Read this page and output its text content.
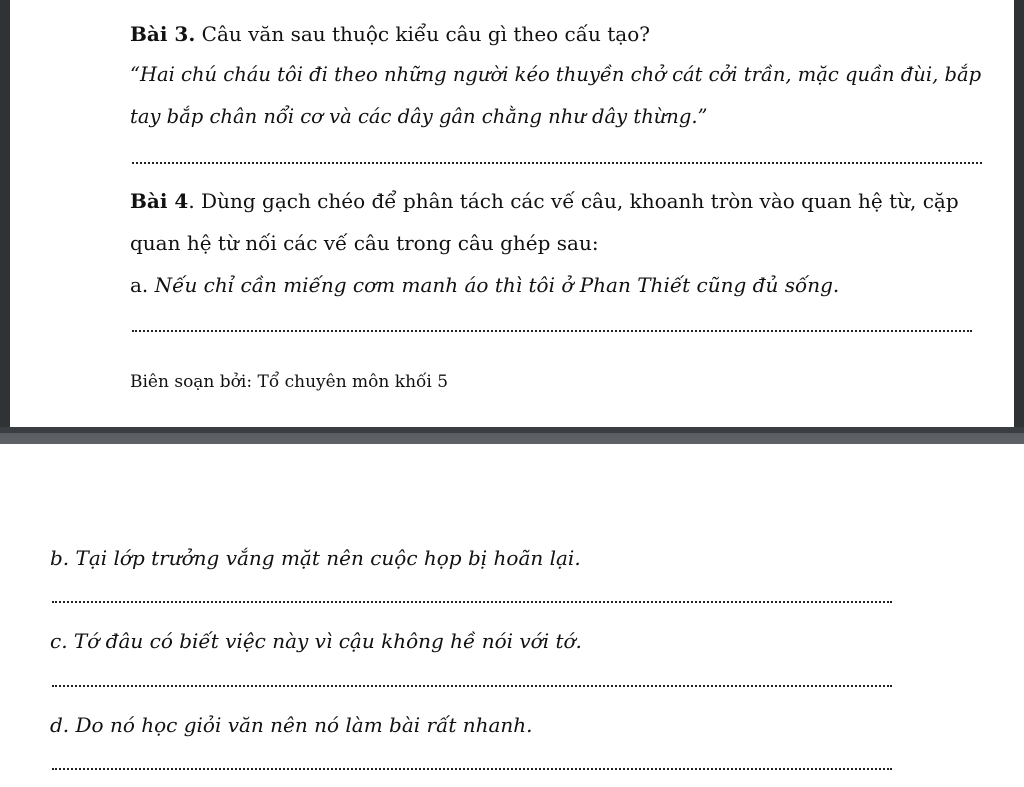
Bài 3. Câu văn sau thuộc kiểu câu gì theo cấu tạo?
“Hai chú cháu tôi đi theo những người kéo thuyền chở cát cởi trần, mặc quần đùi, bắp
tay bắp chân nổi cơ và các dây gân chằng như dây thừng.”
Bài 4. Dùng gạch chéo để phân tách các vế câu, khoanh tròn vào quan hệ từ, cặp
quan hệ từ nối các vế câu trong câu ghép sau:
a. Nếu chỉ cần miếng cơm manh áo thì tôi ở Phan Thiết cũng đủ sống.
Biên soạn bởi: Tổ chuyên môn khối 5
b. Tại lớp trưởng vắng mặt nên cuộc họp bị hoãn lại.
c. Tớ đâu có biết việc này vì cậu không hề nói với tớ.
d. Do nó học giỏi văn nên nó làm bài rất nhanh.
